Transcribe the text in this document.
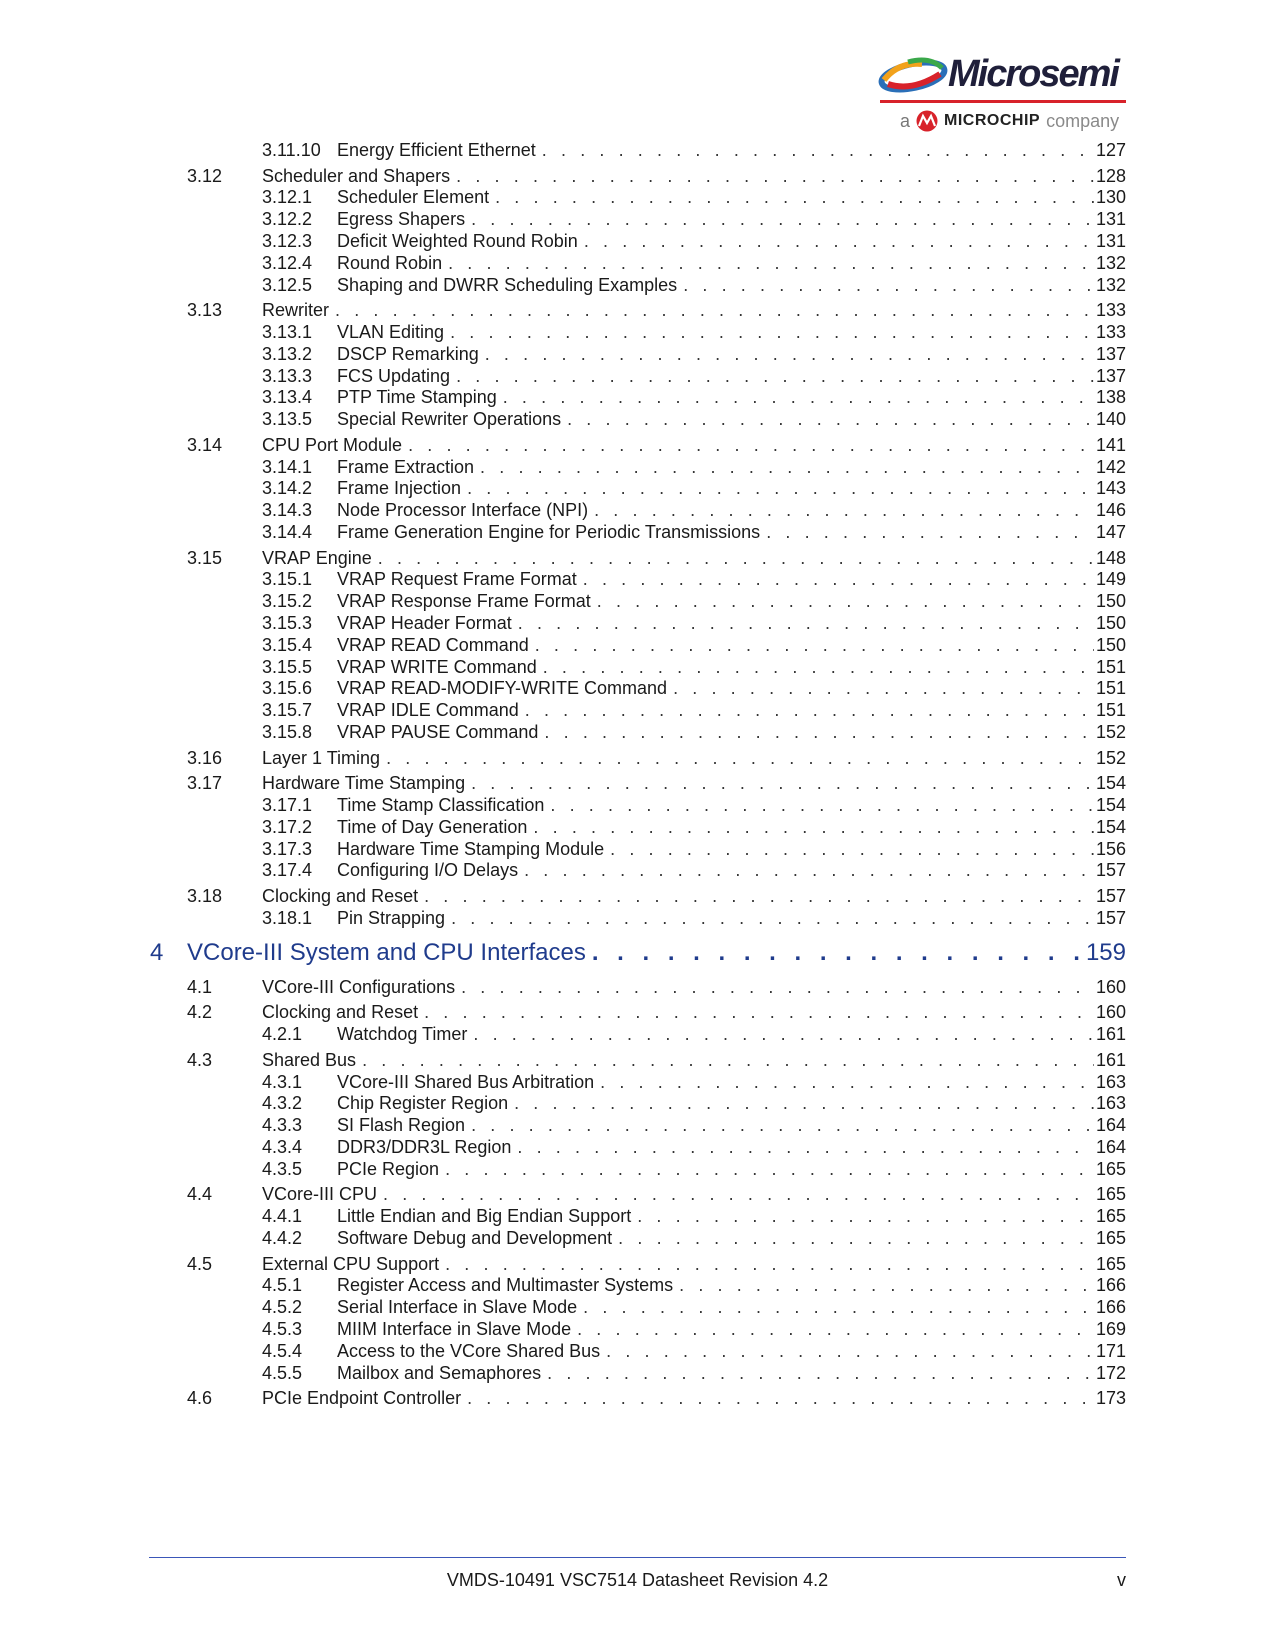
Microsemi
a MICROCHIP company
3.11.10 Energy Efficient Ethernet . . .	127
3.12	Scheduler and Shapers . . .	128
3.12.1	Scheduler Element . . .	130
3.12.2	Egress Shapers . . .	131
3.12.3	Deficit Weighted Round Robin . . .	131
3.12.4	Round Robin . . .	132
3.12.5	Shaping and DWRR Scheduling Examples . . .	132
3.13	Rewriter . . .	133
3.13.1	VLAN Editing . . .	133
3.13.2	DSCP Remarking . . .	137
3.13.3	FCS Updating . . .	137
3.13.4	PTP Time Stamping . . .	138
3.13.5	Special Rewriter Operations . . .	140
3.14	CPU Port Module . . .	141
3.14.1	Frame Extraction . . .	142
3.14.2	Frame Injection . . .	143
3.14.3	Node Processor Interface (NPI) . . .	146
3.14.4	Frame Generation Engine for Periodic Transmissions . . .	147
3.15	VRAP Engine . . .	148
3.15.1	VRAP Request Frame Format . . .	149
3.15.2	VRAP Response Frame Format . . .	150
3.15.3	VRAP Header Format . . .	150
3.15.4	VRAP READ Command . . .	150
3.15.5	VRAP WRITE Command . . .	151
3.15.6	VRAP READ-MODIFY-WRITE Command . . .	151
3.15.7	VRAP IDLE Command . . .	151
3.15.8	VRAP PAUSE Command . . .	152
3.16	Layer 1 Timing . . .	152
3.17	Hardware Time Stamping . . .	154
3.17.1	Time Stamp Classification . . .	154
3.17.2	Time of Day Generation . . .	154
3.17.3	Hardware Time Stamping Module . . .	156
3.17.4	Configuring I/O Delays . . .	157
3.18	Clocking and Reset . . .	157
3.18.1	Pin Strapping . . .	157
4 VCore-III System and CPU Interfaces . . .	159
4.1	VCore-III Configurations . . .	160
4.2	Clocking and Reset . . .	160
4.2.1	Watchdog Timer . . .	161
4.3	Shared Bus . . .	161
4.3.1	VCore-III Shared Bus Arbitration . . .	163
4.3.2	Chip Register Region . . .	163
4.3.3	SI Flash Region . . .	164
4.3.4	DDR3/DDR3L Region . . .	164
4.3.5	PCIe Region . . .	165
4.4	VCore-III CPU . . .	165
4.4.1	Little Endian and Big Endian Support . . .	165
4.4.2	Software Debug and Development . . .	165
4.5	External CPU Support . . .	165
4.5.1	Register Access and Multimaster Systems . . .	166
4.5.2	Serial Interface in Slave Mode . . .	166
4.5.3	MIIM Interface in Slave Mode . . .	169
4.5.4	Access to the VCore Shared Bus . . .	171
4.5.5	Mailbox and Semaphores . . .	172
4.6	PCIe Endpoint Controller . . .	173
VMDS-10491 VSC7514 Datasheet Revision 4.2	v
